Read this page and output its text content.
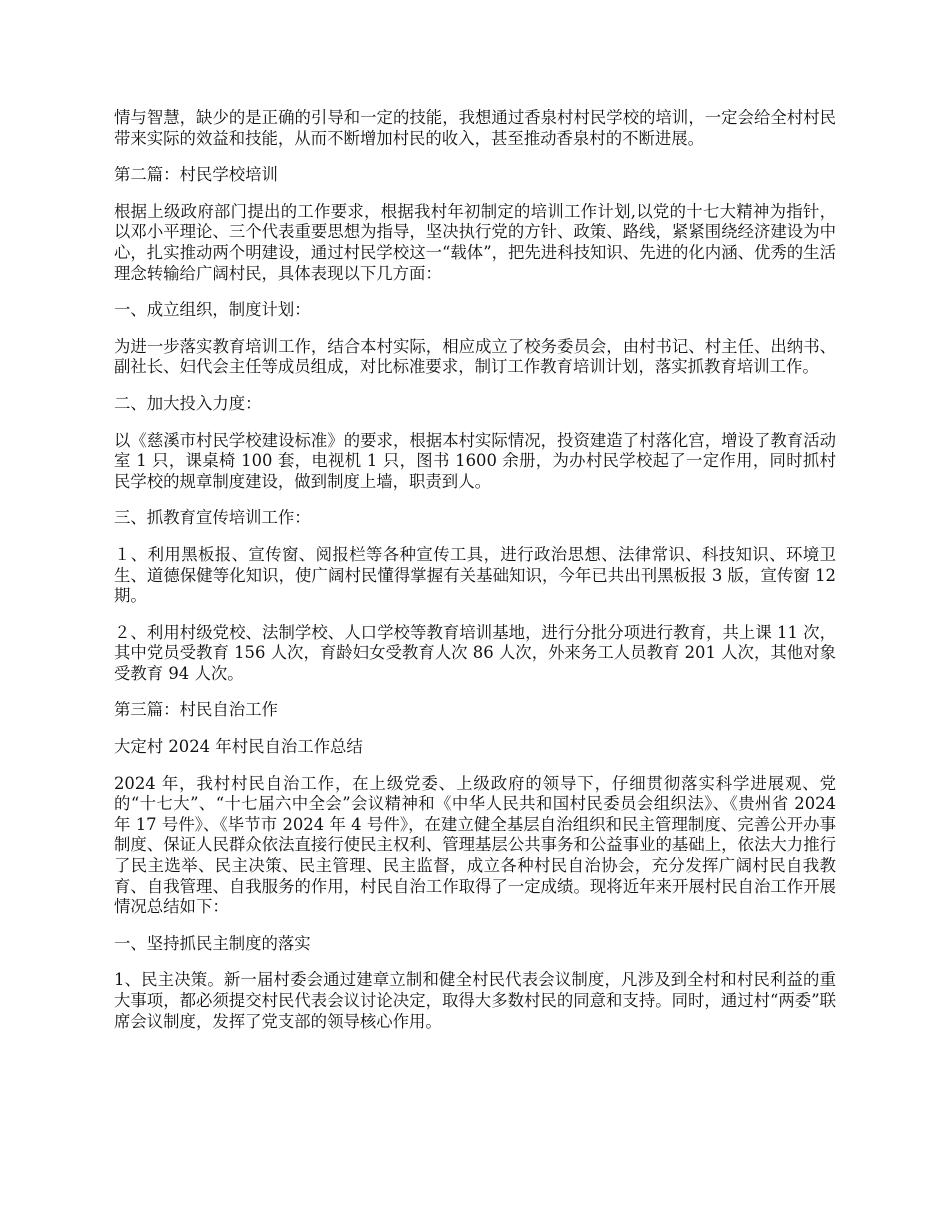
情与智慧，缺少的是正确的引导和一定的技能，我想通过香泉村村民学校的培训，一定会给全村村民带来实际的效益和技能，从而不断增加村民的收入，甚至推动香泉村的不断进展。

第二篇：村民学校培训

根据上级政府部门提出的工作要求，根据我村年初制定的培训工作计划,以党的十七大精神为指针，以邓小平理论、三个代表重要思想为指导，坚决执行党的方针、政策、路线，紧紧围绕经济建设为中心，扎实推动两个明建设，通过村民学校这一“载体”，把先进科技知识、先进的化内涵、优秀的生活理念转输给广阔村民，具体表现以下几方面：

一、成立组织，制度计划：

为进一步落实教育培训工作，结合本村实际，相应成立了校务委员会，由村书记、村主任、出纳书、副社长、妇代会主任等成员组成，对比标准要求，制订工作教育培训计划，落实抓教育培训工作。

二、加大投入力度：

以《慈溪市村民学校建设标准》的要求，根据本村实际情况，投资建造了村落化宫，增设了教育活动室 1 只，课桌椅 100 套，电视机 1 只，图书 1600 余册，为办村民学校起了一定作用，同时抓村民学校的规章制度建设，做到制度上墙，职责到人。

三、抓教育宣传培训工作：

１、利用黑板报、宣传窗、阅报栏等各种宣传工具，进行政治思想、法律常识、科技知识、环境卫生、道德保健等化知识，使广阔村民懂得掌握有关基础知识，今年已共出刊黑板报 3 版，宣传窗 12 期。

２、利用村级党校、法制学校、人口学校等教育培训基地，进行分批分项进行教育，共上课 11 次，其中党员受教育 156 人次，育龄妇女受教育人次 86 人次，外来务工人员教育 201 人次，其他对象受教育 94 人次。

第三篇：村民自治工作

大定村 2024 年村民自治工作总结

2024 年，我村村民自治工作，在上级党委、上级政府的领导下，仔细贯彻落实科学进展观、党的“十七大”、“十七届六中全会”会议精神和《中华人民共和国村民委员会组织法》、《贵州省 2024 年 17 号件》、《毕节市 2024 年 4 号件》，在建立健全基层自治组织和民主管理制度、完善公开办事制度、保证人民群众依法直接行使民主权利、管理基层公共事务和公益事业的基础上，依法大力推行了民主选举、民主决策、民主管理、民主监督，成立各种村民自治协会，充分发挥广阔村民自我教育、自我管理、自我服务的作用，村民自治工作取得了一定成绩。现将近年来开展村民自治工作开展情况总结如下：

一、坚持抓民主制度的落实

1、民主决策。新一届村委会通过建章立制和健全村民代表会议制度，凡涉及到全村和村民利益的重大事项，都必须提交村民代表会议讨论决定，取得大多数村民的同意和支持。同时，通过村“两委”联席会议制度，发挥了党支部的领导核心作用。
